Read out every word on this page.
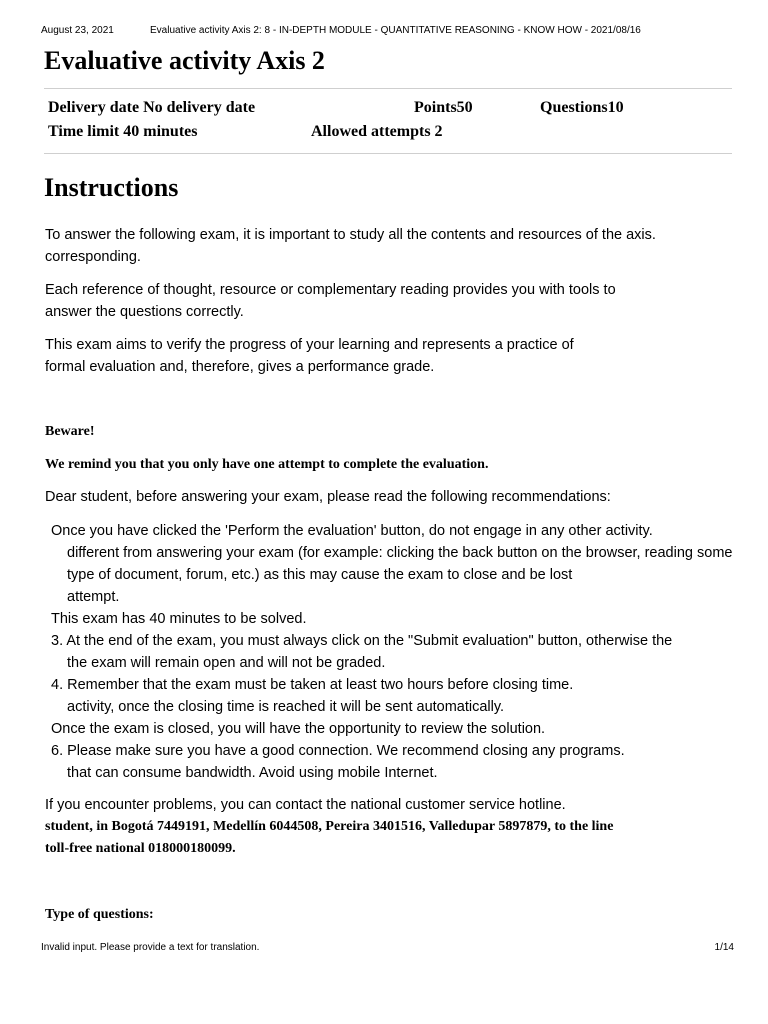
August 23, 2021	Evaluative activity Axis 2: 8 - IN-DEPTH MODULE - QUANTITATIVE REASONING - KNOW HOW - 2021/08/16
Evaluative activity Axis 2
Delivery date No delivery date	Points50	Questions10
Time limit 40 minutes	Allowed attempts 2
Instructions
To answer the following exam, it is important to study all the contents and resources of the axis.
corresponding.
Each reference of thought, resource or complementary reading provides you with tools to
answer the questions correctly.
This exam aims to verify the progress of your learning and represents a practice of
formal evaluation and, therefore, gives a performance grade.
Beware!
We remind you that you only have one attempt to complete the evaluation.
Dear student, before answering your exam, please read the following recommendations:
Once you have clicked the 'Perform the evaluation' button, do not engage in any other activity.
different from answering your exam (for example: clicking the back button on the browser, reading some
type of document, forum, etc.) as this may cause the exam to close and be lost
attempt.
This exam has 40 minutes to be solved.
3. At the end of the exam, you must always click on the "Submit evaluation" button, otherwise the
the exam will remain open and will not be graded.
4. Remember that the exam must be taken at least two hours before closing time.
activity, once the closing time is reached it will be sent automatically.
Once the exam is closed, you will have the opportunity to review the solution.
6. Please make sure you have a good connection. We recommend closing any programs.
that can consume bandwidth. Avoid using mobile Internet.
If you encounter problems, you can contact the national customer service hotline.
student, in Bogotá 7449191, Medellín 6044508, Pereira 3401516, Valledupar 5897879, to the line
toll-free national 018000180099.
Type of questions:
Invalid input. Please provide a text for translation.	1/14
